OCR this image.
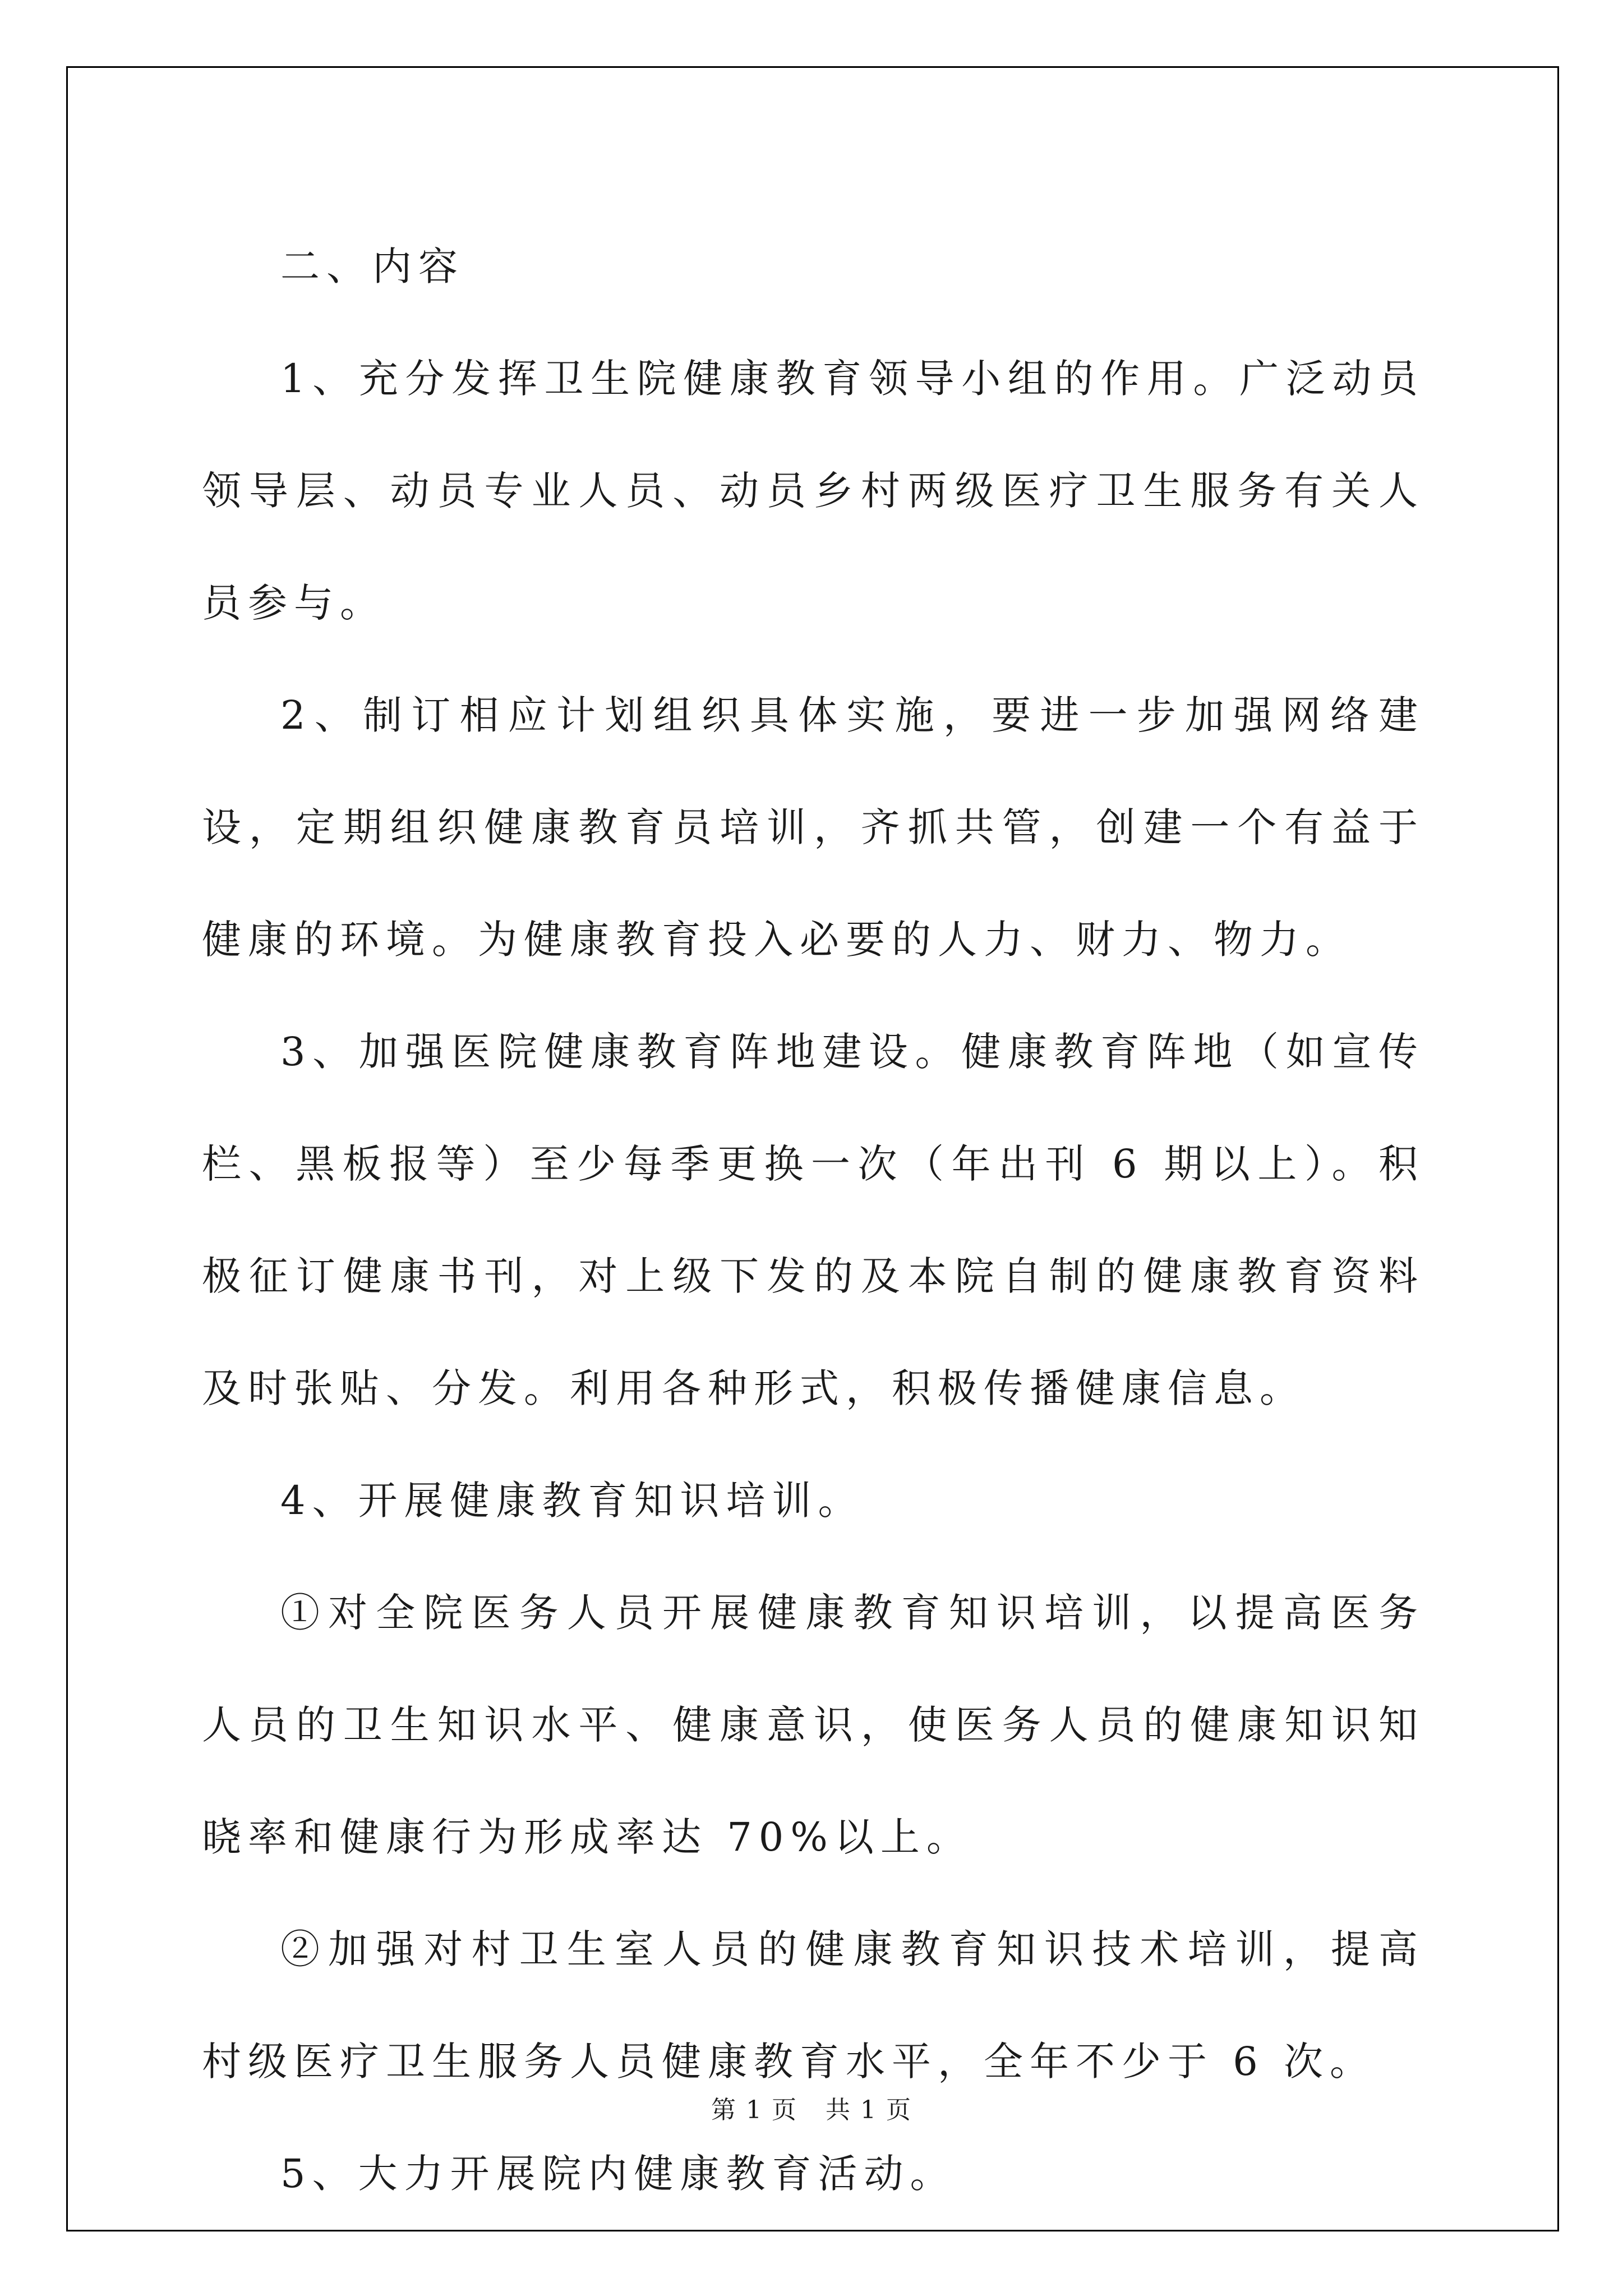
二、内容

1、充分发挥卫生院健康教育领导小组的作用。广泛动员领导层、动员专业人员、动员乡村两级医疗卫生服务有关人员参与。

2、制订相应计划组织具体实施，要进一步加强网络建设，定期组织健康教育员培训，齐抓共管，创建一个有益于健康的环境。为健康教育投入必要的人力、财力、物力。

3、加强医院健康教育阵地建设。健康教育阵地（如宣传栏、黑板报等）至少每季更换一次（年出刊 6 期以上）。积极征订健康书刊，对上级下发的及本院自制的健康教育资料及时张贴、分发。利用各种形式，积极传播健康信息。

4、开展健康教育知识培训。

①对全院医务人员开展健康教育知识培训，以提高医务人员的卫生知识水平、健康意识，使医务人员的健康知识知晓率和健康行为形成率达 70%以上。

②加强对村卫生室人员的健康教育知识技术培训，提高村级医疗卫生服务人员健康教育水平，全年不少于 6 次。

5、大力开展院内健康教育活动。

第 1 页 共 1 页
